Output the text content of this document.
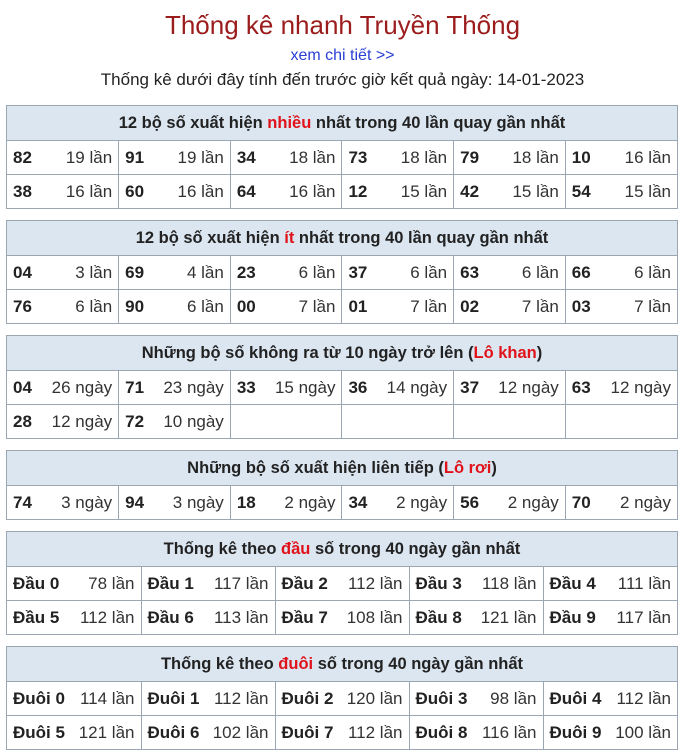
Thống kê nhanh Truyền Thống
xem chi tiết >>
Thống kê dưới đây tính đến trước giờ kết quả ngày: 14-01-2023
12 bộ số xuất hiện nhiều nhất trong 40 lần quay gần nhất
82 19 lần	91 19 lần	34 18 lần	73 18 lần	79 18 lần	10 16 lần

38 16 lần	60 16 lần	64 16 lần	12 15 lần	42 15 lần	54 15 lần
12 bộ số xuất hiện ít nhất trong 40 lần quay gần nhất
04 3 lần	69 4 lần	23 6 lần	37 6 lần	63 6 lần	66 6 lần

76 6 lần	90 6 lần	00 7 lần	01 7 lần	02 7 lần	03 7 lần
Những bộ số không ra từ 10 ngày trở lên (Lô khan)
04 26 ngày	71 23 ngày	33 15 ngày	36 14 ngày	37 12 ngày	63 12 ngày

28 12 ngày	72 10 ngày				

Những bộ số xuất hiện liên tiếp (Lô rơi)
74 3 ngày	94 3 ngày	18 2 ngày	34 2 ngày	56 2 ngày	70 2 ngày
Thống kê theo đầu số trong 40 ngày gần nhất
Đầu 0 78 lần	Đầu 1 117 lần	Đầu 2 112 lần	Đầu 3 118 lần	Đầu 4 111 lần

Đầu 5 112 lần	Đầu 6 113 lần	Đầu 7 108 lần	Đầu 8 121 lần	Đầu 9 117 lần
Thống kê theo đuôi số trong 40 ngày gần nhất
Đuôi 0 114 lần	Đuôi 1 112 lần	Đuôi 2 120 lần	Đuôi 3 98 lần	Đuôi 4 112 lần

Đuôi 5 121 lần	Đuôi 6 102 lần	Đuôi 7 112 lần	Đuôi 8 116 lần	Đuôi 9 100 lần
